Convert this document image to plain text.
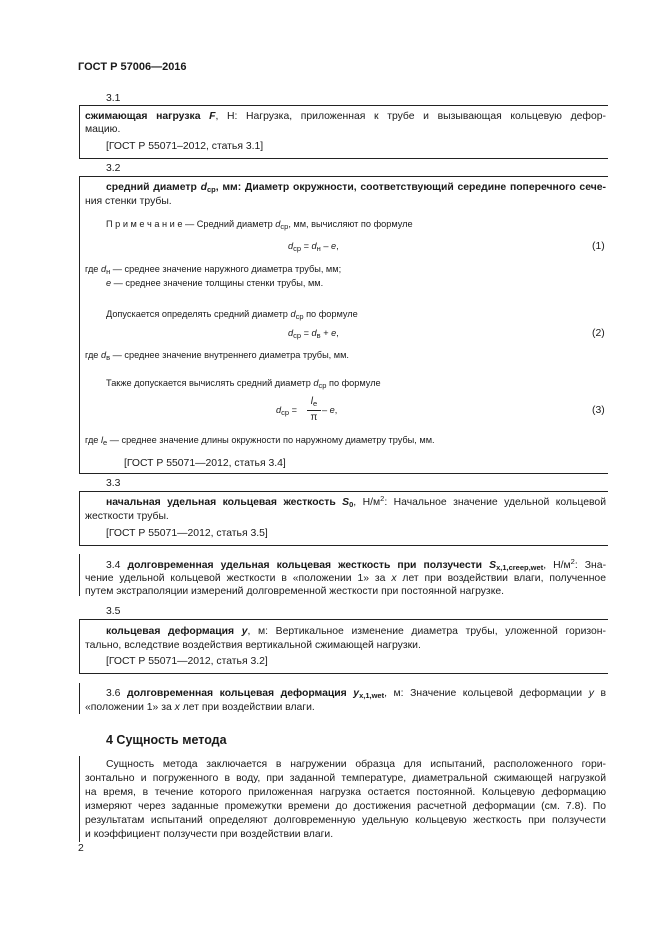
ГОСТ Р 57006—2016
3.1
сжимающая нагрузка F, Н: Нагрузка, приложенная к трубе и вызывающая кольцевую дефор-
мацию.
[ГОСТ Р 55071–2012, статья 3.1]
3.2
средний диаметр $d_{cp}$, мм: Диаметр окружности, соответствующий середине поперечного сече-
ния стенки трубы.
П р и м е ч а н и е — Средний диаметр $d_{ср}$, мм, вычисляют по формуле
$d_{ср} = d_н - e$,	(1)
где $d_н$ — среднее значение наружного диаметра трубы, мм;
e — среднее значение толщины стенки трубы, мм.
Допускается определять средний диаметр $d_{ср}$ по формуле
$d_{ср} = d_в + e$,	(2)
где $d_в$ — среднее значение внутреннего диаметра трубы, мм.
Также допускается вычислять средний диаметр $d_{ср}$ по формуле
$d_{ср}$ =
$l_e$
π
– e,	(3)
где $l_e$ — среднее значение длины окружности по наружному диаметру трубы, мм.
[ГОСТ Р 55071—2012, статья 3.4]
3.3
начальная удельная кольцевая жесткость $S_0$, $Н/м^2$: Начальное значение удельной кольцевой
жесткости трубы.
[ГОСТ Р 55071—2012, статья 3.5]
3.4 долговременная удельная кольцевая жесткость при ползучести $S_{x,1,creep,wet}$, $Н/м^2$: Зна-
чение удельной кольцевой жесткости в «положении 1» за x лет при воздействии влаги, полученное
путем экстраполяции измерений долговременной жесткости при постоянной нагрузке.
3.5
кольцевая деформация y, м: Вертикальное изменение диаметра трубы, уложенной горизон-
тально, вследствие воздействия вертикальной сжимающей нагрузки.
[ГОСТ Р 55071—2012, статья 3.2]
3.6 долговременная кольцевая деформация $y_{x,1,wet}$, м: Значение кольцевой деформации y в
«положении 1» за x лет при воздействии влаги.
4 Сущность метода
Сущность метода заключается в нагружении образца для испытаний, расположенного гори-
зонтально и погруженного в воду, при заданной температуре, диаметральной сжимающей нагрузкой
на время, в течение которого приложенная нагрузка остается постоянной. Кольцевую деформацию
измеряют через заданные промежутки времени до достижения расчетной деформации (см. 7.8). По
результатам испытаний определяют долговременную удельную кольцевую жесткость при ползучести
и коэффициент ползучести при воздействии влаги.
2
